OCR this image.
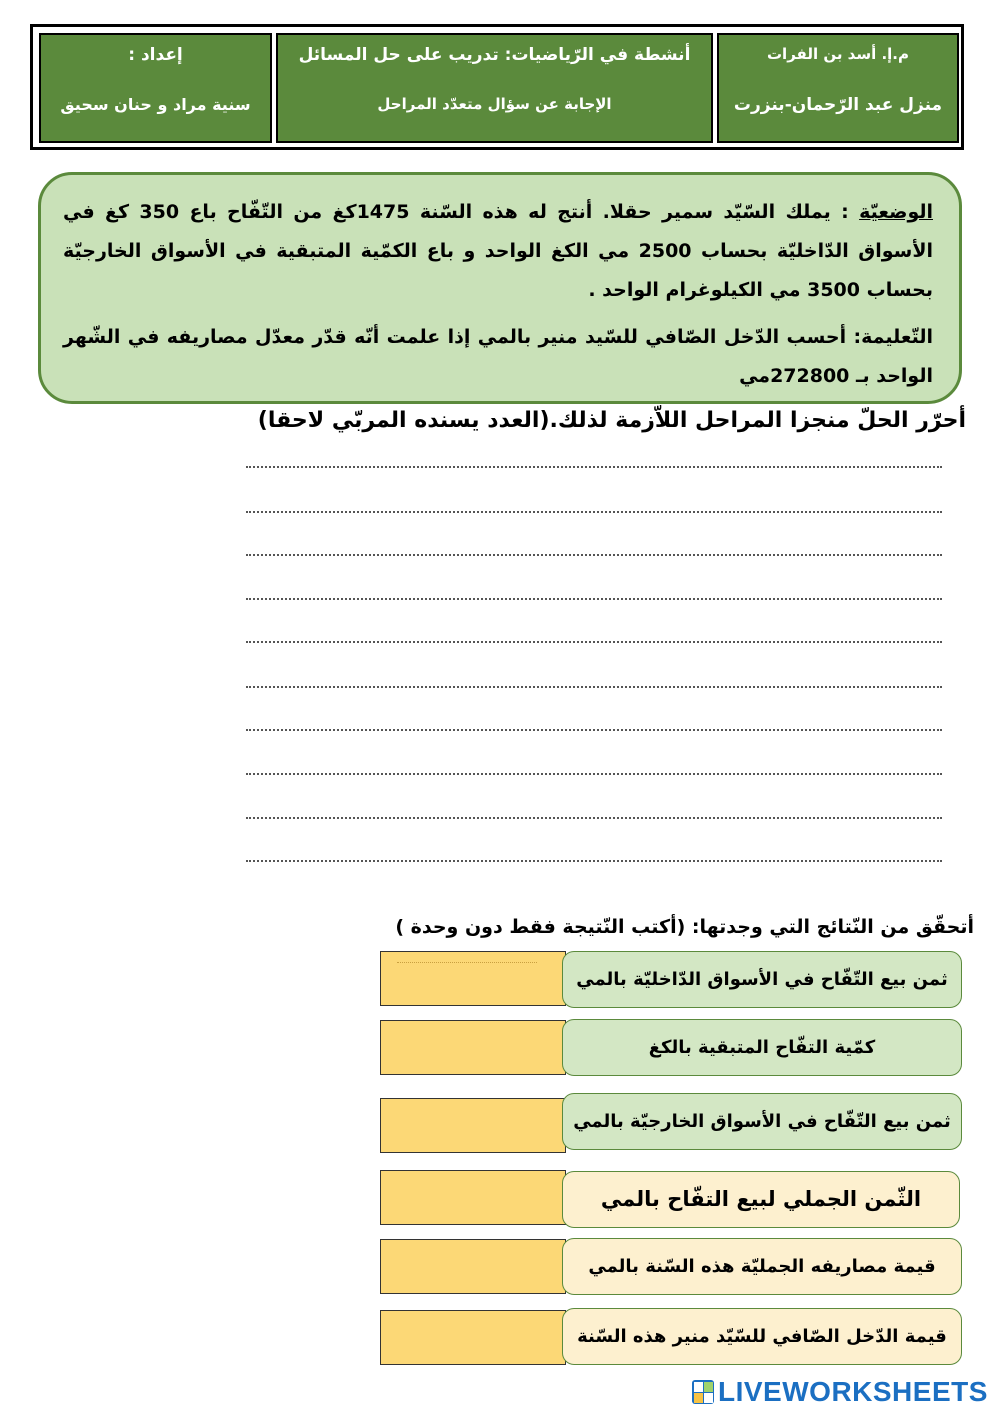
م.إ. أسد بن الفرات
منزل عبد الرّحمان-بنزرت
أنشطة في الرّياضيات: تدريب على حل المسائل
الإجابة عن سؤال متعدّد المراحل
إعداد :
سنية مراد و حنان سحيق

الوضعيّة : يملك السّيّد سمير حقلا. أنتج له هذه السّنة 1475كغ من التّفّاح باع 350 كغ في الأسواق الدّاخليّة بحساب 2500 مي الكغ الواحد و باع الكمّية المتبقية في الأسواق الخارجيّة بحساب 3500 مي الكيلوغرام الواحد .

التّعليمة: أحسب الدّخل الصّافي للسّيد منير بالمي إذا علمت أنّه قدّر معدّل مصاريفه في الشّهر الواحد بـ 272800مي

أحرّر الحلّ منجزا المراحل اللاّزمة لذلك.(العدد يسنده المربّي لاحقا)
أتحقّق من النّتائج التي وجدتها: (أكتب النّتيجة فقط دون وحدة )
ثمن بيع التّفّاح في الأسواق الدّاخليّة بالمي
كمّية التفّاح المتبقية بالكغ
ثمن بيع التّفّاح في الأسواق الخارجيّة بالمي
الثّمن الجملي لبيع التفّاح بالمي
قيمة مصاريفه الجمليّة هذه السّنة بالمي
قيمة الدّخل الصّافي للسّيّد منير هذه السّنة
LIVEWORKSHEETS
